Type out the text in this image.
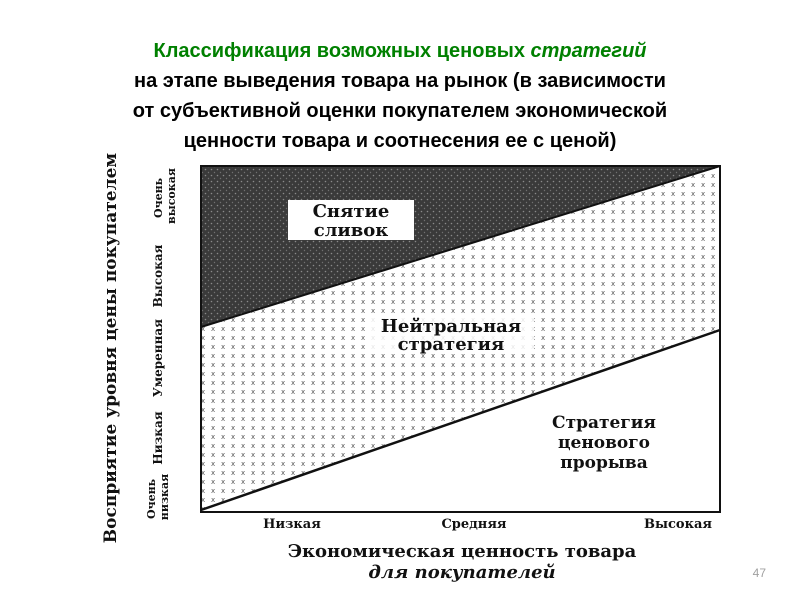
Классификация возможных ценовых стратегий
на этапе выведения товара на рынок (в зависимости
от субъективной оценки покупателем экономической
ценности товара и соотнесения ее с ценой)
Снятие
сливок
Нейтральная
стратегия
Стратегия
ценового
прорыва
Восприятие уровня цены покупателем	Очень высокая
Высокая
Умеренная
Низкая
Очень низкая
Низкая	Средняя	Высокая
Экономическая ценность товара
для покупателей	47
